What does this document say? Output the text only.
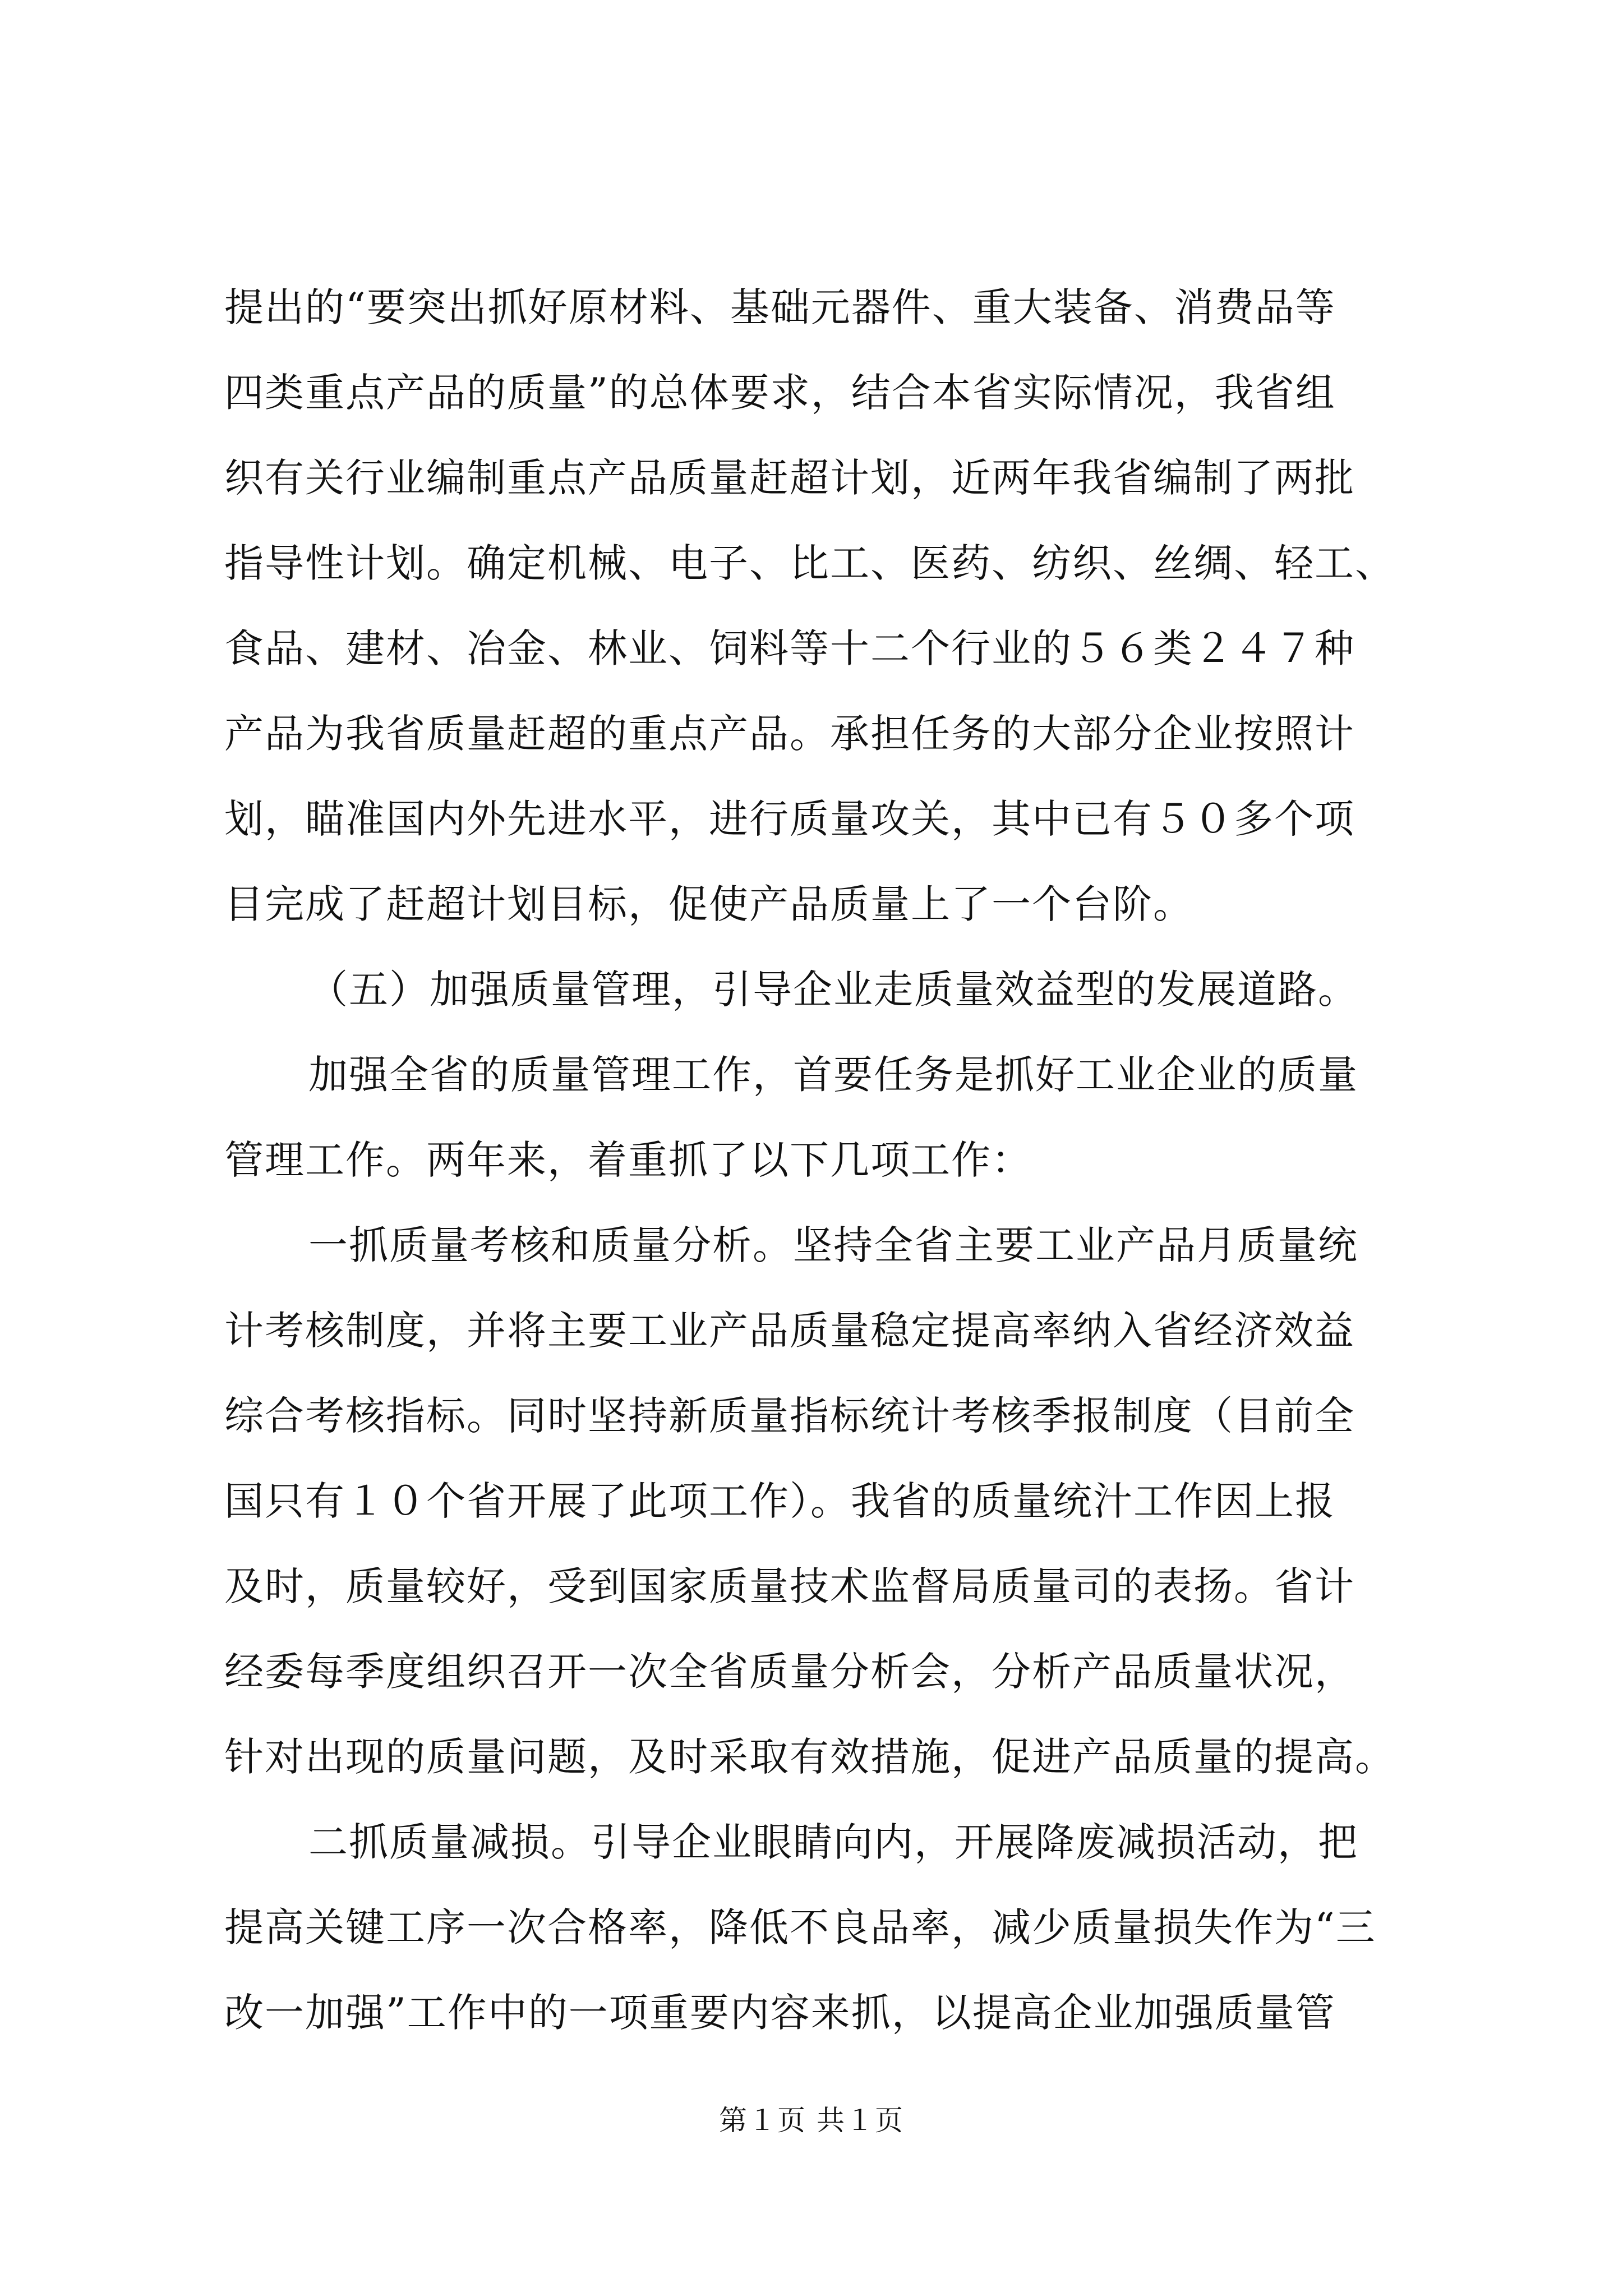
提出的“要突出抓好原材料、基础元器件、重大装备、消费品等
四类重点产品的质量”的总体要求，结合本省实际情况，我省组
织有关行业编制重点产品质量赶超计划，近两年我省编制了两批
指导性计划。确定机械、电子、比工、医药、纺织、丝绸、轻工、
食品、建材、冶金、林业、饲料等十二个行业的５６类２４７种
产品为我省质量赶超的重点产品。承担任务的大部分企业按照计
划，瞄准国内外先进水平，进行质量攻关，其中已有５０多个项
目完成了赶超计划目标，促使产品质量上了一个台阶。
（五）加强质量管理，引导企业走质量效益型的发展道路。
加强全省的质量管理工作，首要任务是抓好工业企业的质量
管理工作。两年来，着重抓了以下几项工作：
一抓质量考核和质量分析。坚持全省主要工业产品月质量统
计考核制度，并将主要工业产品质量稳定提高率纳入省经济效益
综合考核指标。同时坚持新质量指标统计考核季报制度（目前全
国只有１０个省开展了此项工作）。我省的质量统汁工作因上报
及时，质量较好，受到国家质量技术监督局质量司的表扬。省计
经委每季度组织召开一次全省质量分析会，分析产品质量状况，
针对出现的质量问题，及时采取有效措施，促进产品质量的提高。
二抓质量减损。引导企业眼睛向内，开展降废减损活动，把
提高关键工序一次合格率，降低不良品率，减少质量损失作为“三
改一加强”工作中的一项重要内容来抓，以提高企业加强质量管
第１页 共１页
